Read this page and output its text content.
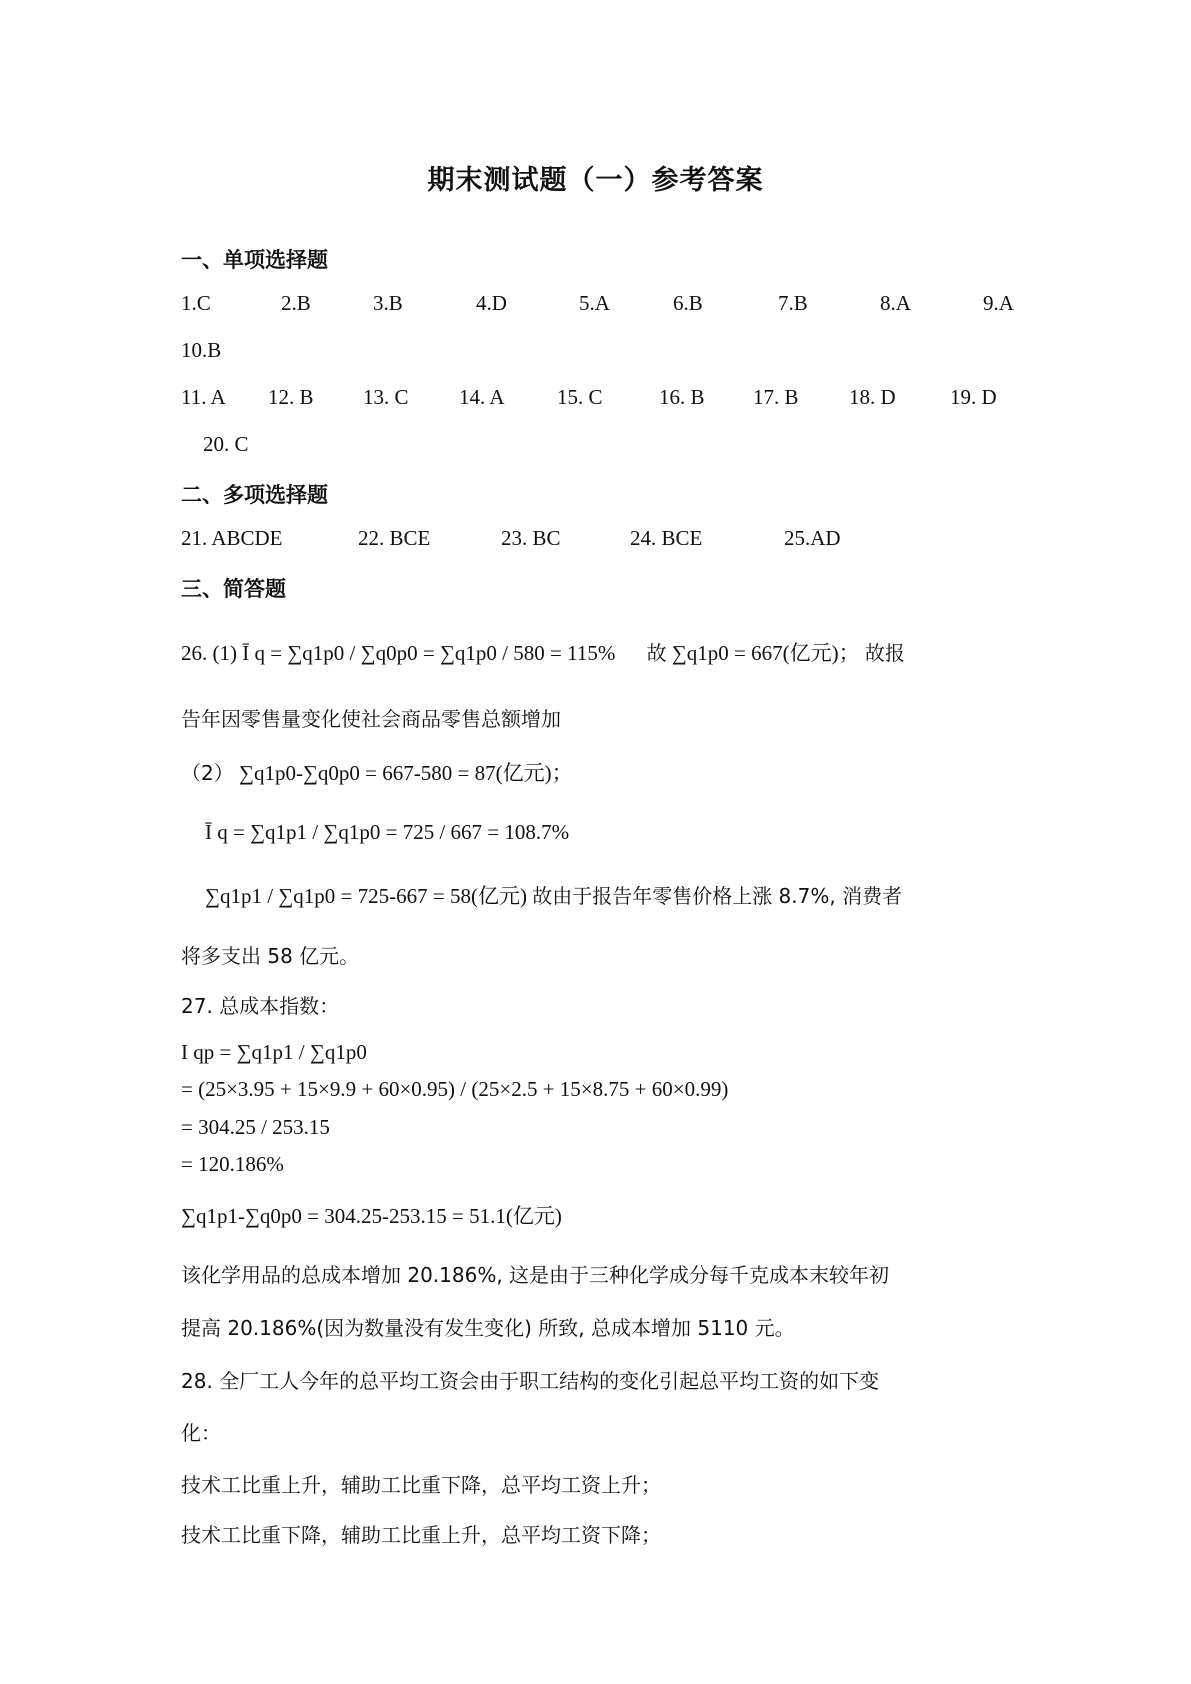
期末测试题（一）参考答案
一、单项选择题
1.C	2.B	3.B	4.D	5.A	6.B	7.B	8.A	9.A
10.B
11. A 12. B 13. C 14. A 15. C	16. B 17. B 18. D	19. D
20. C
二、多项选择题
21. ABCDE	22. BCE	23. BC	24. BCE	25.AD
三、简答题
26. (1) Ī q = ∑q1p0 / ∑q0p0 = ∑q1p0 / 580 = 115% 故 ∑q1p0 = 667(亿元)； 故报
告年因零售量变化使社会商品零售总额增加
（2） ∑q1p0-∑q0p0 = 667-580 = 87(亿元)；
Ī q = ∑q1p1 / ∑q1p0 = 725 / 667 = 108.7%
∑q1p1 / ∑q1p0 = 725-667 = 58(亿元) 故由于报告年零售价格上涨 8.7%, 消费者
将多支出 58 亿元。
27. 总成本指数：
I qp = ∑q1p1 / ∑q1p0
= (25×3.95 + 15×9.9 + 60×0.95) / (25×2.5 + 15×8.75 + 60×0.99)
= 304.25 / 253.15
= 120.186%
∑q1p1-∑q0p0 = 304.25-253.15 = 51.1(亿元)
该化学用品的总成本增加 20.186%, 这是由于三种化学成分每千克成本末较年初
提高 20.186%(因为数量没有发生变化) 所致, 总成本增加 5110 元。
28. 全厂工人今年的总平均工资会由于职工结构的变化引起总平均工资的如下变
化：
技术工比重上升，辅助工比重下降，总平均工资上升；
技术工比重下降，辅助工比重上升，总平均工资下降；
